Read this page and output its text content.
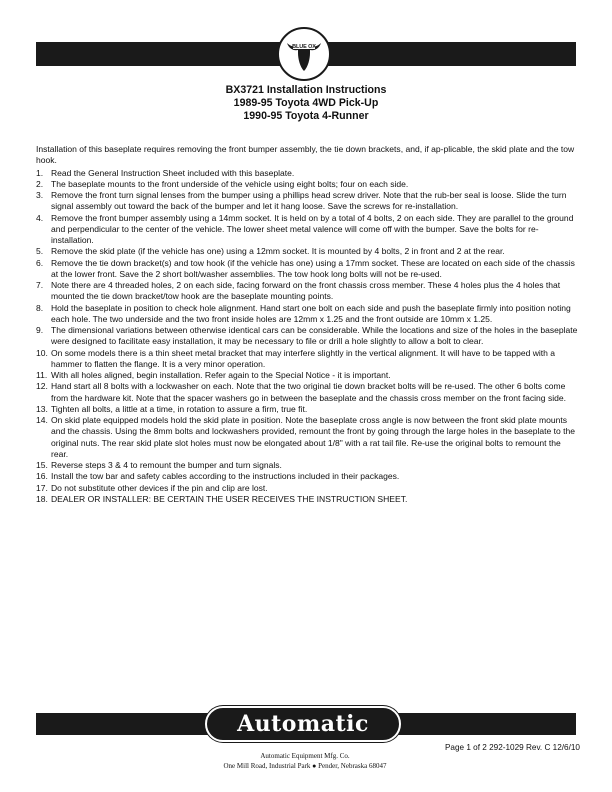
BLUE OX
BX3721 Installation Instructions
1989-95 Toyota 4WD Pick-Up
1990-95 Toyota 4-Runner

Installation of this baseplate requires removing the front bumper assembly, the tie down brackets, and, if ap-plicable, the skid plate and the tow hook.

1. Read the General Instruction Sheet included with this baseplate.
2. The baseplate mounts to the front underside of the vehicle using eight bolts; four on each side.
3. Remove the front turn signal lenses from the bumper using a phillips head screw driver. Note that the rub-ber seal is loose. Slide the turn signal assembly out toward the back of the bumper and let it hang loose. Save the screws for re-installation.
4. Remove the front bumper assembly using a 14mm socket. It is held on by a total of 4 bolts, 2 on each side. They are parallel to the ground and perpendicular to the center of the vehicle. The lower sheet metal valence will come off with the bumper. Save the bolts for re-installation.
5. Remove the skid plate (if the vehicle has one) using a 12mm socket. It is mounted by 4 bolts, 2 in front and 2 at the rear.
6. Remove the tie down bracket(s) and tow hook (if the vehicle has one) using a 17mm socket. These are located on each side of the chassis at the lower front. Save the 2 short bolt/washer assemblies. The tow hook long bolts will not be re-used.
7. Note there are 4 threaded holes, 2 on each side, facing forward on the front chassis cross member. These 4 holes plus the 4 holes that mounted the tie down bracket/tow hook are the baseplate mounting points.
8. Hold the baseplate in position to check hole alignment. Hand start one bolt on each side and push the baseplate firmly into position noting each hole. The two underside and the two front inside holes are 12mm x 1.25 and the front outside are 10mm x 1.25.
9. The dimensional variations between otherwise identical cars can be considerable. While the locations and size of the holes in the baseplate were designed to facilitate easy installation, it may be necessary to file or drill a hole slightly to allow a bolt to clear.
10. On some models there is a thin sheet metal bracket that may interfere slightly in the vertical alignment. It will have to be tapped with a hammer to flatten the flange. It is a very minor operation.
11. With all holes aligned, begin installation. Refer again to the Special Notice - it is important.
12. Hand start all 8 bolts with a lockwasher on each. Note that the two original tie down bracket bolts will be re-used. The other 6 bolts come from the hardware kit. Note that the spacer washers go in between the baseplate and the chassis cross member on the front facing side.
13. Tighten all bolts, a little at a time, in rotation to assure a firm, true fit.
14. On skid plate equipped models hold the skid plate in position. Note the baseplate cross angle is now between the front skid plate mounts and the chassis. Using the 8mm bolts and lockwashers provided, remount the front by going through the large holes in the baseplate to the original nuts. The rear skid plate slot holes must now be elongated about 1/8" with a rat tail file. Re-use the original bolts to remount the rear.
15. Reverse steps 3 & 4 to remount the bumper and turn signals.
16. Install the tow bar and safety cables according to the instructions included in their packages.
17. Do not substitute other devices if the pin and clip are lost.
18. DEALER OR INSTALLER: BE CERTAIN THE USER RECEIVES THE INSTRUCTION SHEET.
Automatic
Automatic Equipment Mfg. Co.
One Mill Road, Industrial Park ● Pender, Nebraska 68047
Page 1 of 2 292-1029 Rev. C 12/6/10
